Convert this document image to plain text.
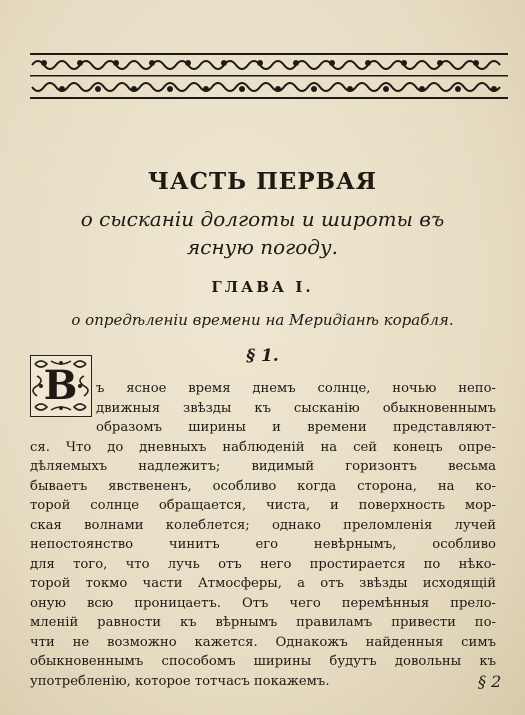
ЧАСТЬ ПЕРВАЯ
о сысканіи долготы и широты въ
ясную погоду.
ГЛАВА I.
о опредѣленіи времени на Меридіанѣ корабля.
§ 1.
В	ъ ясное время днемъ солнце, ночью непо-
движныя звѣзды къ сысканію обыкновеннымъ
образомъ ширины и времени представляют-
ся. Что до дневныхъ наблюденій на сей конецъ опре-
дѣляемыхъ надлежитъ; видимый горизонтъ весьма
бываетъ явствененъ, особливо когда сторона, на ко-
торой солнце обращается, чиста, и поверхность мор-
ская волнами колеблется; однако преломленія лучей
непостоянство чинитъ его невѣрнымъ, особливо
для того, что лучь отъ него простирается по нѣко-
торой токмо части Атмосферы, а отъ звѣзды исходящій
оную всю проницаетъ. Отъ чего перемѣнныя прело-
мленій равности къ вѣрнымъ правиламъ привести по-
чти не возможно кажется. Однакожъ найденныя симъ
обыкновеннымъ способомъ ширины будутъ довольны къ
употребленію, которое тотчасъ покажемъ.	§ 2
